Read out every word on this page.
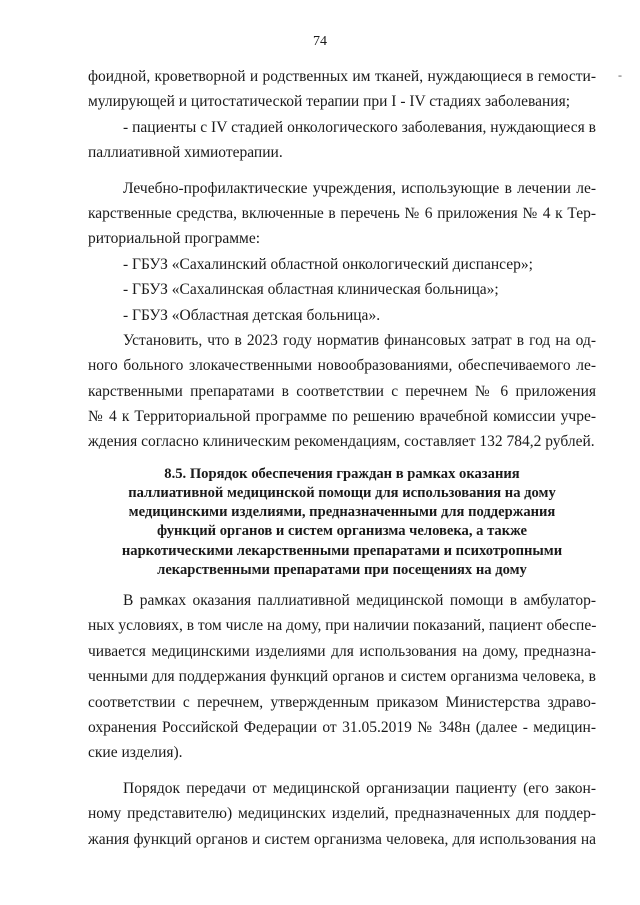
74
-
фоидной, кроветворной и родственных им тканей, нуждающиеся в гемости-
мулирующей и цитостатической терапии при I - IV стадиях заболевания;
- пациенты с IV стадией онкологического заболевания, нуждающиеся в
паллиативной химиотерапии.
Лечебно-профилактические учреждения, использующие в лечении ле-
карственные средства, включенные в перечень № 6 приложения № 4 к Тер-
риториальной программе:
- ГБУЗ «Сахалинский областной онкологический диспансер»;
- ГБУЗ «Сахалинская областная клиническая больница»;
- ГБУЗ «Областная детская больница».
Установить, что в 2023 году норматив финансовых затрат в год на од-
ного больного злокачественными новообразованиями, обеспечиваемого ле-
карственными препаратами в соответствии с перечнем № 6 приложения
№ 4 к Территориальной программе по решению врачебной комиссии учре-
ждения согласно клиническим рекомендациям, составляет 132 784,2 рублей.
8.5. Порядок обеспечения граждан в рамках оказания
паллиативной медицинской помощи для использования на дому
медицинскими изделиями, предназначенными для поддержания
функций органов и систем организма человека, а также
наркотическими лекарственными препаратами и психотропными
лекарственными препаратами при посещениях на дому
В рамках оказания паллиативной медицинской помощи в амбулатор-
ных условиях, в том числе на дому, при наличии показаний, пациент обеспе-
чивается медицинскими изделиями для использования на дому, предназна-
ченными для поддержания функций органов и систем организма человека, в
соответствии с перечнем, утвержденным приказом Министерства здраво-
охранения Российской Федерации от 31.05.2019 № 348н (далее - медицин-
ские изделия).
Порядок передачи от медицинской организации пациенту (его закон-
ному представителю) медицинских изделий, предназначенных для поддер-
жания функций органов и систем организма человека, для использования на
